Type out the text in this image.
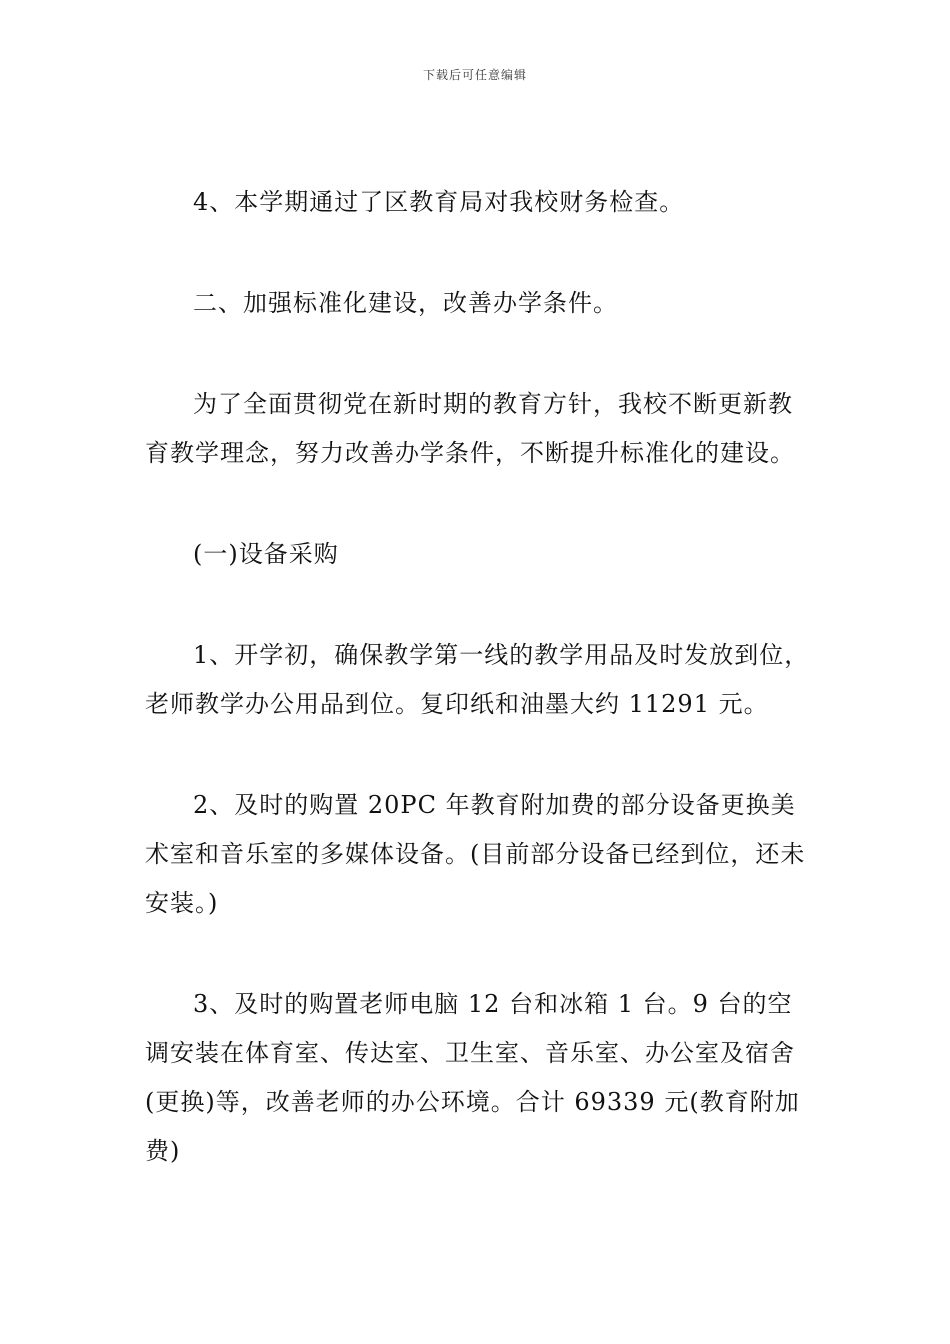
下载后可任意编辑

4、本学期通过了区教育局对我校财务检查。

二、加强标准化建设，改善办学条件。

为了全面贯彻党在新时期的教育方针，我校不断更新教育教学理念，努力改善办学条件，不断提升标准化的建设。

(一)设备采购

1、开学初，确保教学第一线的教学用品及时发放到位，老师教学办公用品到位。复印纸和油墨大约 11291 元。

2、及时的购置 20PC 年教育附加费的部分设备更换美术室和音乐室的多媒体设备。(目前部分设备已经到位，还未安装。)

3、及时的购置老师电脑 12 台和冰箱 1 台。9 台的空调安装在体育室、传达室、卫生室、音乐室、办公室及宿舍(更换)等，改善老师的办公环境。合计 69339 元(教育附加费)
